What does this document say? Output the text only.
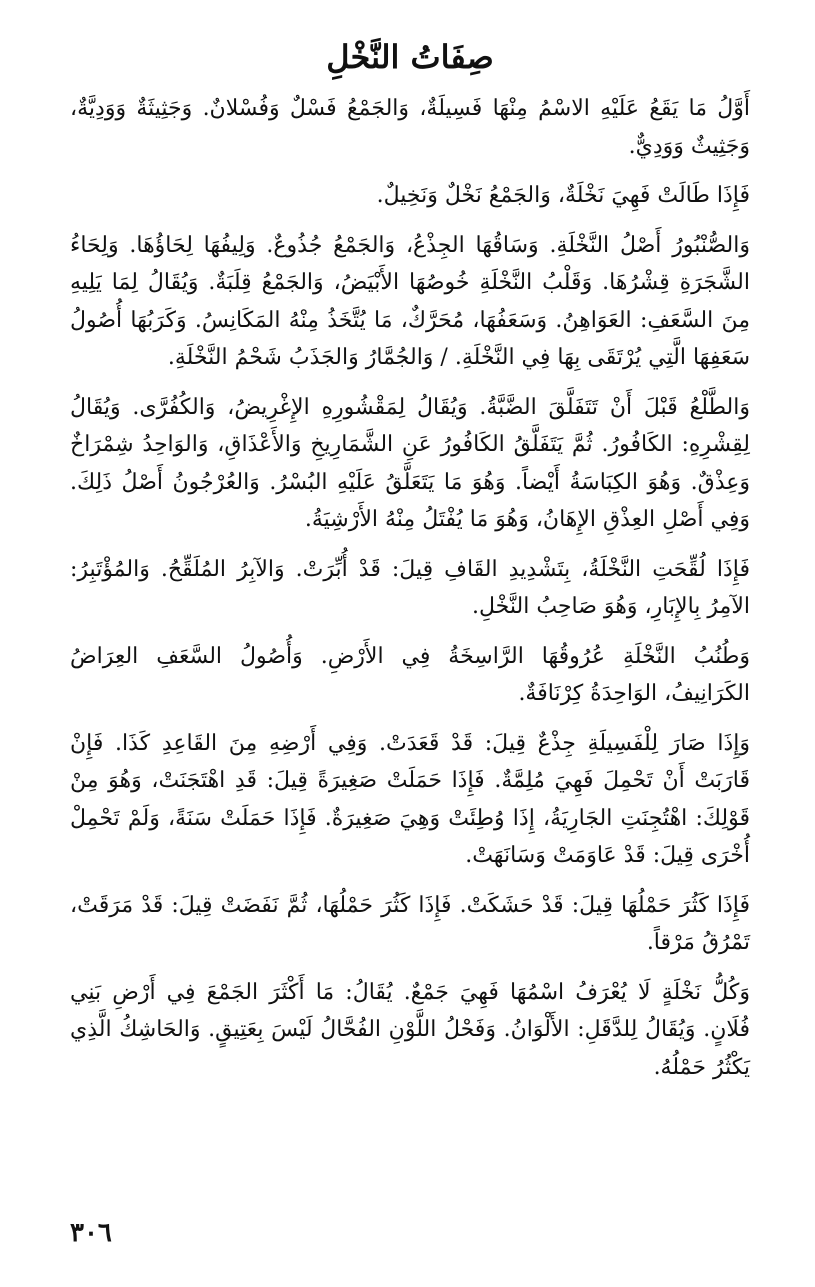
صِفَاتُ النَّخْلِ

أَوَّلُ مَا يَقَعُ عَلَيْهِ الاسْمُ مِنْهَا فَسِيلَةٌ، وَالجَمْعُ فَسْلٌ وَفُسْلانٌ. وَجَثِيثَةٌ وَوَدِيَّةٌ، وَجَثِيثٌ وَوَدِيٌّ.

فَإِذَا طَالَتْ فَهِيَ نَخْلَةٌ، وَالجَمْعُ نَخْلٌ وَنَخِيلٌ.

وَالصُّنْبُورُ أَصْلُ النَّخْلَةِ. وَسَاقُهَا الجِذْعُ، وَالجَمْعُ جُذُوعٌ. وَلِيفُهَا لِحَاؤُهَا. وَلِحَاءُ الشَّجَرَةِ قِشْرُهَا. وَقَلْبُ النَّخْلَةِ خُوصُهَا الأَبْيَضُ، وَالجَمْعُ قِلَبَةٌ. وَيُقَالُ لِمَا يَلِيهِ مِنَ السَّعَفِ: العَوَاهِنُ. وَسَعَفُهَا، مُحَرَّكٌ، مَا يُتَّخَذُ مِنْهُ المَكَانِسُ. وَكَرَبُهَا أُصُولُ سَعَفِهَا الَّتِي يُرْتَقَى بِهَا فِي النَّخْلَةِ. / وَالجُمَّارُ وَالجَذَبُ شَحْمُ النَّخْلَةِ.

وَالطَّلْعُ قَبْلَ أَنْ تَتَفَلَّقَ الضَّبَّةُ. وَيُقَالُ لِمَقْشُورِهِ الإِغْرِيضُ، وَالكُفُرَّى. وَيُقَالُ لِقِشْرِهِ: الكَافُورُ. ثُمَّ يَتَفَلَّقُ الكَافُورُ عَنِ الشَّمَارِيخِ وَالأَعْذَاقِ، وَالوَاحِدُ شِمْرَاخٌ وَعِذْقٌ. وَهُوَ الكِبَاسَةُ أَيْضاً. وَهُوَ مَا يَتَعَلَّقُ عَلَيْهِ البُسْرُ. وَالعُرْجُونُ أَصْلُ ذَلِكَ. وَفِي أَصْلِ العِذْقِ الإِهَانُ، وَهُوَ مَا يُفْتَلُ مِنْهُ الأَرْشِيَةُ.

فَإِذَا لُقِّحَتِ النَّخْلَةُ، بِتَشْدِيدِ القَافِ قِيلَ: قَدْ أُبِّرَتْ. وَالآبِرُ المُلَقِّحُ. وَالمُؤْتَبِرُ: الآمِرُ بِالإِبَارِ، وَهُوَ صَاحِبُ النَّخْلِ.

وَطُنُبُ النَّخْلَةِ عُرُوقُهَا الرَّاسِخَةُ فِي الأَرْضِ. وَأُصُولُ السَّعَفِ العِرَاضُ الكَرَانِيفُ، الوَاحِدَةُ كِرْنَافَةٌ.

وَإِذَا صَارَ لِلْفَسِيلَةِ جِذْعٌ قِيلَ: قَدْ قَعَدَتْ. وَفِي أَرْضِهِ مِنَ القَاعِدِ كَذَا. فَإِنْ قَارَبَتْ أَنْ تَحْمِلَ فَهِيَ مُلِمَّةٌ. فَإِذَا حَمَلَتْ صَغِيرَةً قِيلَ: قَدِ اهْتَجَنَتْ، وَهُوَ مِنْ قَوْلِكَ: اهْتُجِنَتِ الجَارِيَةُ، إِذَا وُطِئَتْ وَهِيَ صَغِيرَةٌ. فَإِذَا حَمَلَتْ سَنَةً، وَلَمْ تَحْمِلْ أُخْرَى قِيلَ: قَدْ عَاوَمَتْ وَسَانَهَتْ.

فَإِذَا كَثُرَ حَمْلُهَا قِيلَ: قَدْ حَشَكَتْ. فَإِذَا كَثُرَ حَمْلُهَا، ثُمَّ نَفَضَتْ قِيلَ: قَدْ مَرَقَتْ، تَمْرُقُ مَرْقاً.

وَكُلُّ نَخْلَةٍ لَا يُعْرَفُ اسْمُهَا فَهِيَ جَمْعٌ. يُقَالُ: مَا أَكْثَرَ الجَمْعَ فِي أَرْضِ بَنِي فُلَانٍ. وَيُقَالُ لِلدَّقَلِ: الأَلْوَانُ. وَفَحْلُ اللَّوْنِ الفُحَّالُ لَيْسَ بِعَتِيقٍ. وَالحَاشِكُ الَّذِي يَكْثُرُ حَمْلُهُ.

٣٠٦
